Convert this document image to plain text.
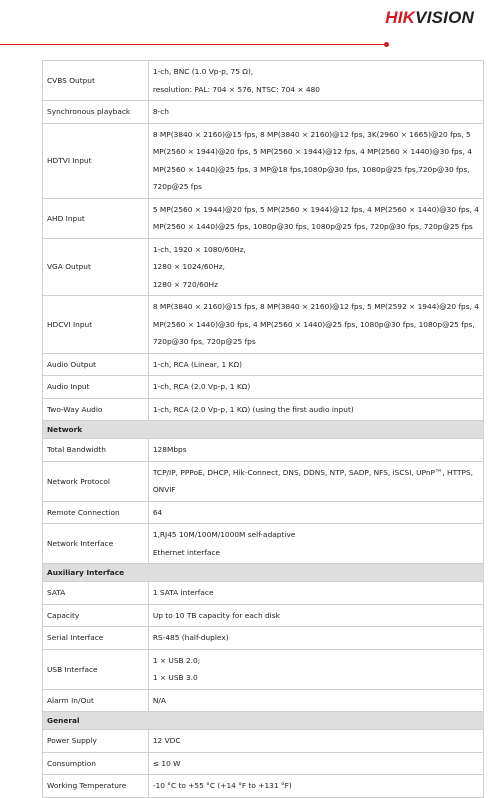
HIKVISION
CVBS Output	1-ch, BNC (1.0 Vp-p, 75 Ω),
resolution: PAL: 704 × 576, NTSC: 704 × 480

Synchronous playback	8-ch

HDTVI Input	8 MP(3840 × 2160)@15 fps, 8 MP(3840 × 2160)@12 fps, 3K(2960 × 1665)@20 fps, 5
MP(2560 × 1944)@20 fps, 5 MP(2560 × 1944)@12 fps, 4 MP(2560 × 1440)@30 fps, 4
MP(2560 × 1440)@25 fps, 3 MP@18 fps,1080p@30 fps, 1080p@25 fps,720p@30 fps,
720p@25 fps

AHD Input	5 MP(2560 × 1944)@20 fps, 5 MP(2560 × 1944)@12 fps, 4 MP(2560 × 1440)@30 fps, 4
MP(2560 × 1440)@25 fps, 1080p@30 fps, 1080p@25 fps, 720p@30 fps, 720p@25 fps

VGA Output	1-ch, 1920 × 1080/60Hz,
1280 × 1024/60Hz,
1280 × 720/60Hz

HDCVI Input	8 MP(3840 × 2160)@15 fps, 8 MP(3840 × 2160)@12 fps, 5 MP(2592 × 1944)@20 fps, 4
MP(2560 × 1440)@30 fps, 4 MP(2560 × 1440)@25 fps, 1080p@30 fps, 1080p@25 fps,
720p@30 fps, 720p@25 fps

Audio Output	1-ch, RCA (Linear, 1 KΩ)

Audio Input	1-ch, RCA (2.0 Vp-p, 1 KΩ)

Two-Way Audio	1-ch, RCA (2.0 Vp-p, 1 KΩ) (using the first audio input)

Network	
Total Bandwidth	128Mbps

Network Protocol	TCP/IP, PPPoE, DHCP, Hik-Connect, DNS, DDNS, NTP, SADP, NFS, iSCSI, UPnP™, HTTPS,
ONVIF

Remote Connection	64

Network Interface	1,RJ45 10M/100M/1000M self-adaptive
Ethernet interface

Auxiliary Interface	
SATA	1 SATA interface

Capacity	Up to 10 TB capacity for each disk

Serial Interface	RS-485 (half-duplex)

USB Interface	1 × USB 2.0;
1 × USB 3.0

Alarm In/Out	N/A

General	
Power Supply	12 VDC

Consumption	≤ 10 W

Working Temperature	-10 °C to +55 °C (+14 °F to +131 °F)
